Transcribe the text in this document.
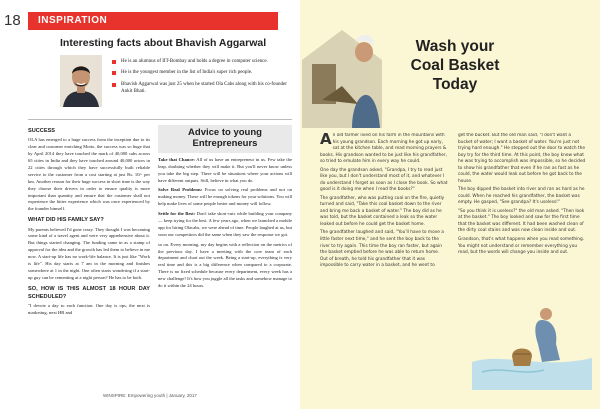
18	INSPIRATION
Interesting facts about Bhavish Aggarwal
He is an alumnus of IIT-Bombay and holds a degree in computer science.
He is the youngest member in the list of India's super rich people.
Bhavish Aggarwal was just 25 when he started Ola Cabs along with his co-founder Ankit Bhati.
SUCCESS

OLA has emerged to a huge success from the inception due to its clear and customer enriching Motto, the success was so huge that by April 2014 they have touched the mark of 40,000 cabs across 65 cities in India and they have touched around 40,000 actors in 22 cities through which they have successfully built reliable service to the customer from a cost starting at just Rs. 10/- per km. Another reason for their huge success in short time is the way they choose their drivers in order to ensure quality is more important than quantity and ensure that the customer shall not experience the bitter experience which was once experienced by the founder himself.

WHAT DID HIS FAMILY SAY?

My parents believed I'd gone crazy. They thought I was becoming some kind of a travel agent and were very apprehensive about it. But things started changing. The funding came in as a stamp of approval for the idea and the growth has led them to believe in me now. A start-up life has no work-life balance. It is just like "Work is life". His day starts at 7 am in the morning and finishes somewhere at 1 in the night. One often starts wondering if a start-up guy can be cementing at a night person? He has to be both.

SO, HOW IS THIS ALMOST 18 HOUR DAY SCHEDULED?

"I devote a day to each function. One day is ops, the next is marketing, next HR and

Advice to young Entrepreneurs

Take that Chance: All of us have an entrepreneur in us. Few take the leap, doubting whether they will make it. But you'll never know unless you take the big step. There will be situations where your actions will have different outputs. Still, believe in what you do.

Solve Real Problems: Focus on solving real problems and not on making money. These will be enough tokens for your solutions. You will help make lives of some people better and money will follow.

Settle for the Best: Don't take short-cuts while building your company — keep trying for the best. A few years ago, when we launched a mobile app for hiring Olacabs, we were ahead of time. People laughed at us, but soon our competitors did the same when they saw the response we got.

so on. Every morning, my day begins with a reflection on the metrics of the previous day. I have a meeting with the core team of each department and chart out the week. Being a start-up, everything is very real time and this is a big difference when compared to a corporate. There is no fixed schedule because every department, every week has a new challenge! It's how you juggle all the tasks and somehow manage to do it within the 24 hours.

WINSPIRE: Empowering youth | January, 2017
Wash your Coal Basket Today

An old farmer lived on his farm in the mountains with his young grandson. Each morning he got up early, sat at the kitchen table, and read morning prayers & books. His grandson wanted to be just like his grandfather, so tried to emulate him in every way he could.

One day the grandson asked, "Grandpa, I try to read just like you, but I don't understand most of it, and whatever I do understand I forget as soon as I close the book. So what good is it doing me when I read the books?"

The grandfather, who was putting coal on the fire, quietly turned and said, "Take this coal basket down to the river and bring me back a basket of water." The boy did as he was told, but the basket contained a leak so the water leaked out before he could get the basket home.

The grandfather laughed and said, "You'll have to move a little faster next time," and he sent the boy back to the river to try again. This time the boy ran faster, but again the basket emptied before he was able to return home. Out of breath, he told his grandfather that it was impossible to carry water in a basket, and he went to

get the bucket. But the old man said, "I don't want a bucket of water; I want a basket of water. You're just not trying hard enough." He stepped out the door to watch the boy try for the third time. At this point, the boy knew what he was trying to accomplish was impossible, so he decided to show his grandfather that even if he ran as fast as he could, the water would leak out before he got back to the house.

The boy dipped the basket into river and ran as hard as he could. When he reached his grandfather, the basket was empty. He gasped, "See grandpa? It's useless!"

"So you think it is useless?" the old man asked. "Then look at the basket." The boy looked and saw for the first time that the basket was different. It had been washed clean of the dirty coal stains and was now clean inside and out.

Grandson, that's what happens when you read something. You might not understand or remember everything you read, but the words will change you inside and out.
